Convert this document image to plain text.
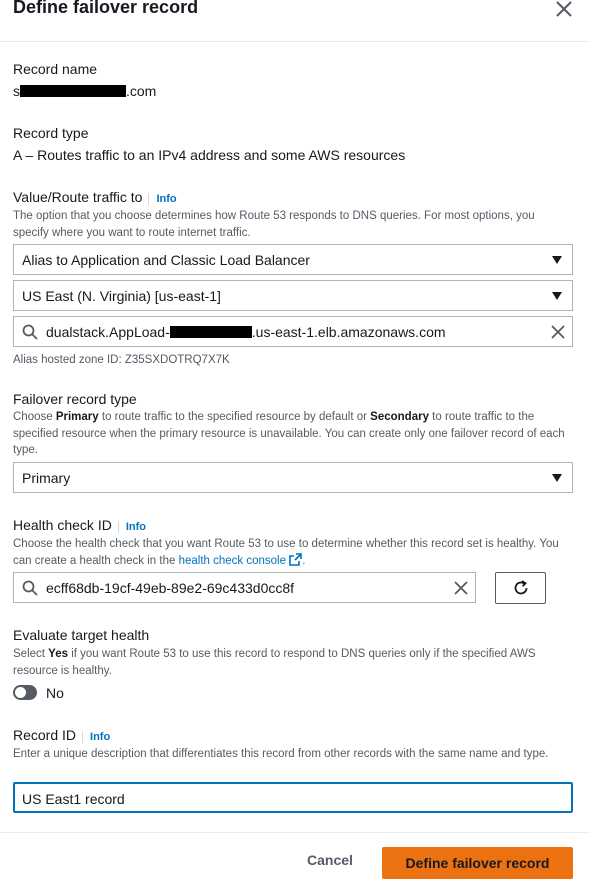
Define failover record
Record name
s	.com
Record type
A – Routes traffic to an IPv4 address and some AWS resources
Value/Route traffic to Info
The option that you choose determines how Route 53 responds to DNS queries. For most options, you specify where you want to route internet traffic.
Alias to Application and Classic Load Balancer
US East (N. Virginia) [us-east-1]
dualstack.AppLoad-	.us-east-1.elb.amazonaws.com
Alias hosted zone ID: Z35SXDOTRQ7X7K
Failover record type
Choose Primary to route traffic to the specified resource by default or Secondary to route traffic to the specified resource when the primary resource is unavailable. You can create only one failover record of each type.
Primary
Health check ID Info
Choose the health check that you want Route 53 to use to determine whether this record set is healthy. You can create a health check in the health check console .
ecff68db-19cf-49eb-89e2-69c433d0cc8f
Evaluate target health
Select Yes if you want Route 53 to use this record to respond to DNS queries only if the specified AWS resource is healthy.
No
Record ID Info
Enter a unique description that differentiates this record from other records with the same name and type.
US East1 record
Cancel	Define failover record
